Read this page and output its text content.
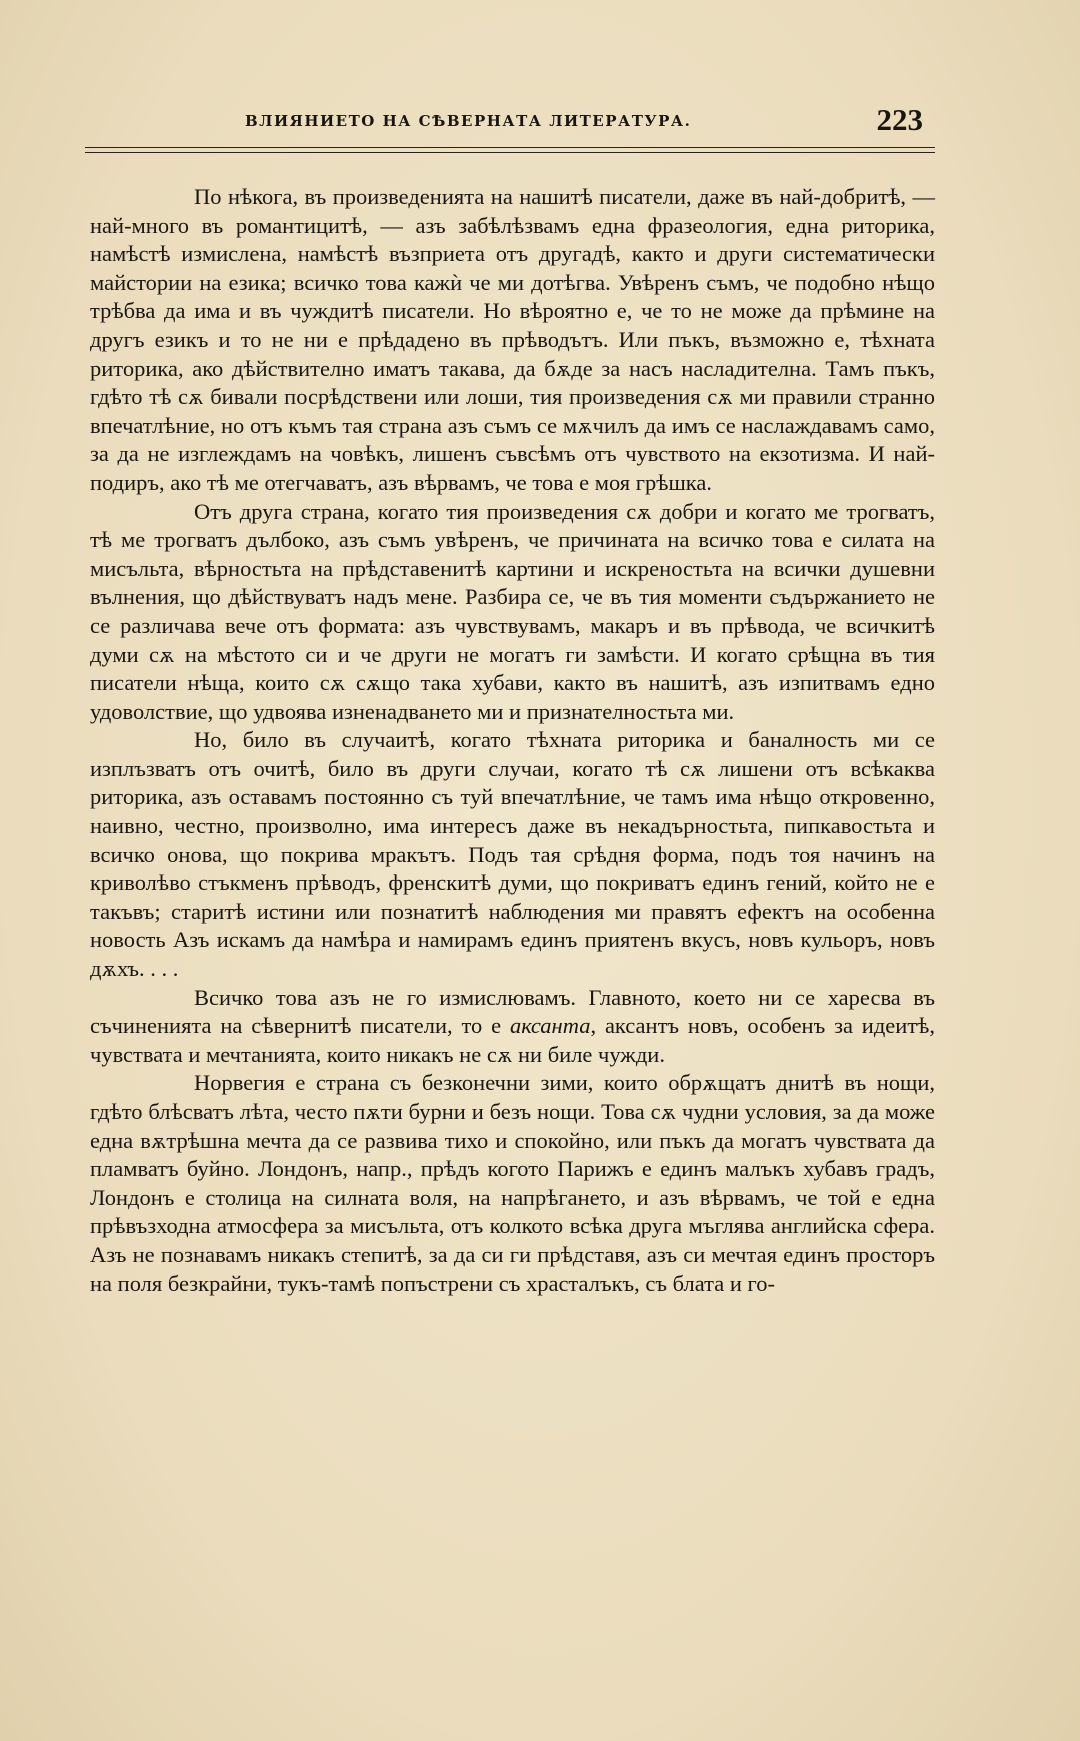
ВЛИЯНИЕТО НА СѢВЕРНАТА ЛИТЕРАТУРА.	223

По нѣкога, въ произведенията на нашитѣ писатели, даже въ най-добритѣ, — най-много въ романтицитѣ, — азъ забѣлѣзвамъ една фразеология, една риторика, намѣстѣ измислена, намѣстѣ възприета отъ другадѣ, както и други систематически майстории на езика; всичко това кажѝ че ми дотѣгва. Увѣренъ съмъ, че подобно нѣщо трѣбва да има и въ чуждитѣ писатели. Но вѣроятно е, че то не може да прѣмине на другъ езикъ и то не ни е прѣдадено въ прѣводътъ. Или пъкъ, възможно е, тѣхната риторика, ако дѣйствително иматъ такава, да бѫде за насъ насладителна. Тамъ пъкъ, гдѣто тѣ сѫ бивали посрѣдствени или лоши, тия произведения сѫ ми правили странно впечатлѣние, но отъ къмъ тая страна азъ съмъ се мѫчилъ да имъ се наслаждавамъ само, за да не изглеждамъ на човѣкъ, лишенъ съвсѣмъ отъ чувството на екзотизма. И най-подиръ, ако тѣ ме отегчаватъ, азъ вѣрвамъ, че това е моя грѣшка.

Отъ друга страна, когато тия произведения сѫ добри и когато ме трогватъ, тѣ ме трогватъ дълбоко, азъ съмъ увѣренъ, че причината на всичко това е силата на мисъльта, вѣрностьта на прѣдставенитѣ картини и искреностьта на всички душевни вълнения, що дѣйствуватъ надъ мене. Разбира се, че въ тия моменти съдържанието не се различава вече отъ формата: азъ чувствувамъ, макаръ и въ прѣвода, че всичкитѣ думи сѫ на мѣстото си и че други не могатъ ги замѣсти. И когато срѣщна въ тия писатели нѣща, които сѫ сѫщо така хубави, както въ нашитѣ, азъ изпитвамъ едно удоволствие, що удвоява изненадването ми и признателностьта ми.

Но, било въ случаитѣ, когато тѣхната риторика и баналность ми се изплъзватъ отъ очитѣ, било въ други случаи, когато тѣ сѫ лишени отъ всѣкаква риторика, азъ оставамъ постоянно съ туй впечатлѣние, че тамъ има нѣщо откровенно, наивно, честно, произволно, има интересъ даже въ некадърностьта, пипкавостьта и всичко онова, що покрива мракътъ. Подъ тая срѣдня форма, подъ тоя начинъ на криволѣво стъкменъ прѣводъ, френскитѣ думи, що покриватъ единъ гений, който не е такъвъ; старитѣ истини или познатитѣ наблюдения ми правятъ ефектъ на особенна новость Азъ искамъ да намѣра и намирамъ единъ приятенъ вкусъ, новъ кульоръ, новъ дѫхъ. . . .

Всичко това азъ не го измислювамъ. Главното, което ни се харесва въ съчиненията на сѣвернитѣ писатели, то е аксанта, аксантъ новъ, особенъ за идеитѣ, чувствата и мечтанията, които никакъ не сѫ ни биле чужди.

Норвегия е страна съ безконечни зими, които обрѫщатъ днитѣ въ нощи, гдѣто блѣсватъ лѣта, често пѫти бурни и безъ нощи. Това сѫ чудни условия, за да може една вѫтрѣшна мечта да се развива тихо и спокойно, или пъкъ да могатъ чувствата да пламватъ буйно. Лондонъ, напр., прѣдъ когото Парижъ е единъ малъкъ хубавъ градъ, Лондонъ е столица на силната воля, на напрѣгането, и азъ вѣрвамъ, че той е една прѣвъзходна атмосфера за мисъльта, отъ колкото всѣка друга мъглява английска сфера. Азъ не познавамъ никакъ степитѣ, за да си ги прѣдставя, азъ си мечтая единъ просторъ на поля безкрайни, тукъ-тамѣ попъстрени съ храсталъкъ, съ блата и го-
